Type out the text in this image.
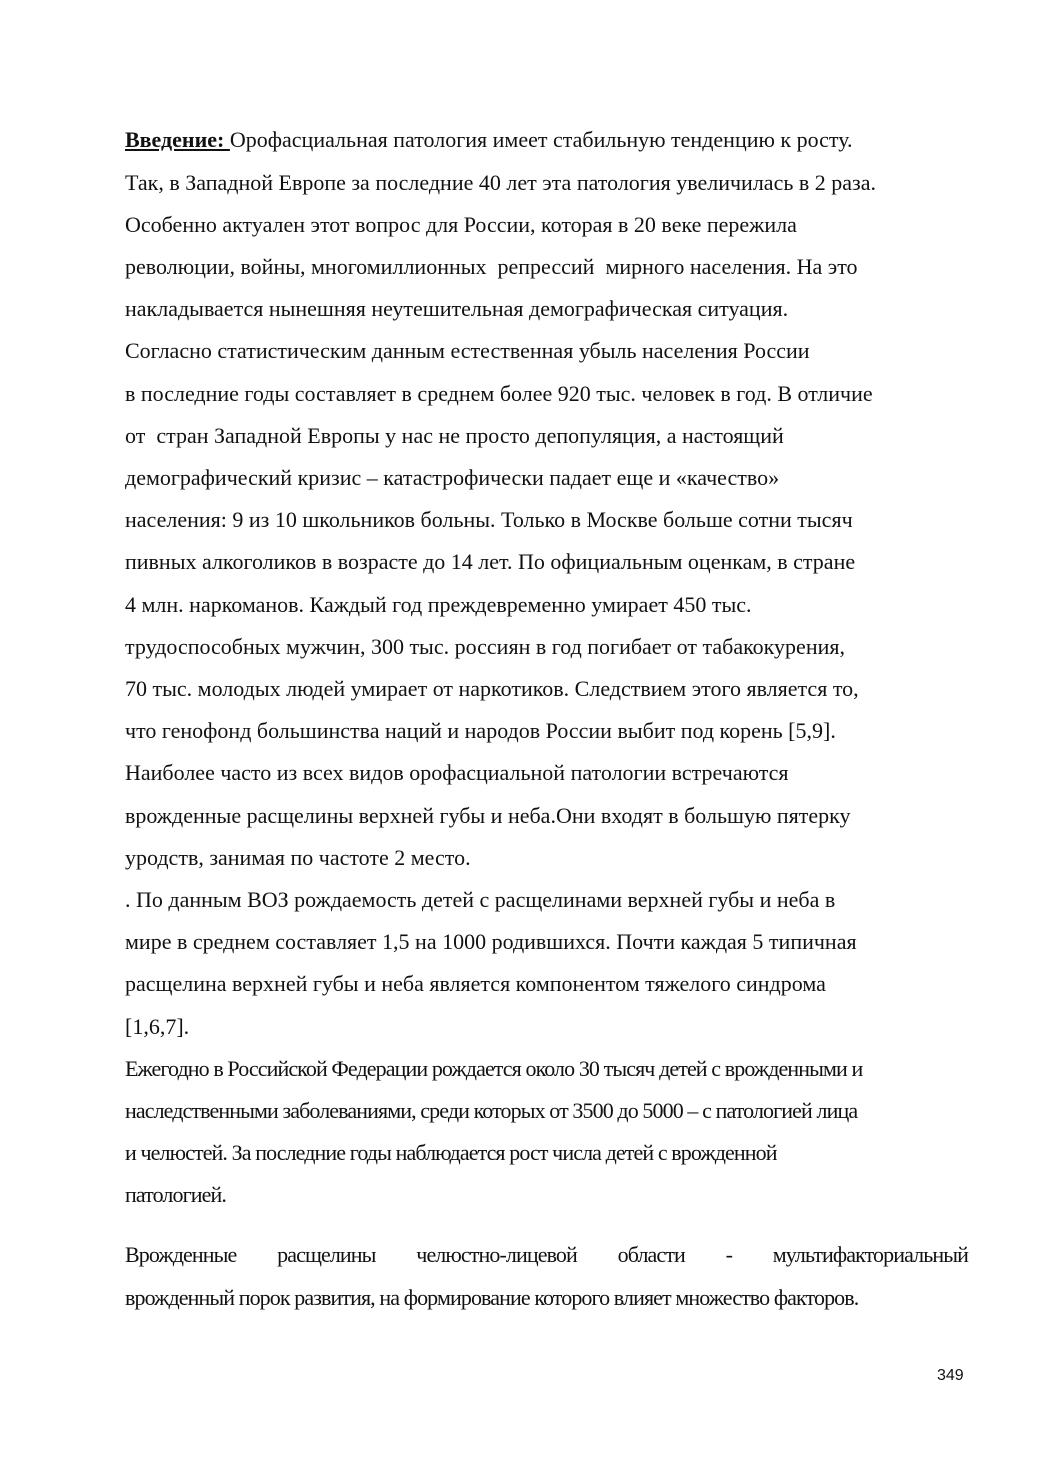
Введение: Орофасциальная патология имеет стабильную тенденцию к росту.
Так, в Западной Европе за последние 40 лет эта патология увеличилась в 2 раза.
Особенно актуален этот вопрос для России, которая в 20 веке пережила
революции, войны, многомиллионных  репрессий  мирного населения. На это
накладывается нынешняя неутешительная демографическая ситуация.
Согласно статистическим данным естественная убыль населения России
в последние годы составляет в среднем более 920 тыс. человек в год. В отличие
от  стран Западной Европы у нас не просто депопуляция, а настоящий
демографический кризис – катастрофически падает еще и «качество»
населения: 9 из 10 школьников больны. Только в Москве больше сотни тысяч
пивных алкоголиков в возрасте до 14 лет. По официальным оценкам, в стране
4 млн. наркоманов. Каждый год преждевременно умирает 450 тыс.
трудоспособных мужчин, 300 тыс. россиян в год погибает от табакокурения,
70 тыс. молодых людей умирает от наркотиков. Следствием этого является то,
что генофонд большинства наций и народов России выбит под корень [5,9].
Наиболее часто из всех видов орофасциальной патологии встречаются
врожденные расщелины верхней губы и неба.Они входят в большую пятерку
уродств, занимая по частоте 2 место.
. По данным ВОЗ рождаемость детей с расщелинами верхней губы и неба в
мире в среднем составляет 1,5 на 1000 родившихся. Почти каждая 5 типичная
расщелина верхней губы и неба является компонентом тяжелого синдрома
[1,6,7].
Ежегодно в Российской Федерации рождается около 30 тысяч детей с врожденными и
наследственными заболеваниями, среди которых от 3500 до 5000 – с патологией лица
и челюстей. За последние годы наблюдается рост числа детей с врожденной
патологией.
Врожденные расщелины челюстно-лицевой области - мультифакториальный
врожденный порок развития, на формирование которого влияет множество факторов.
349
